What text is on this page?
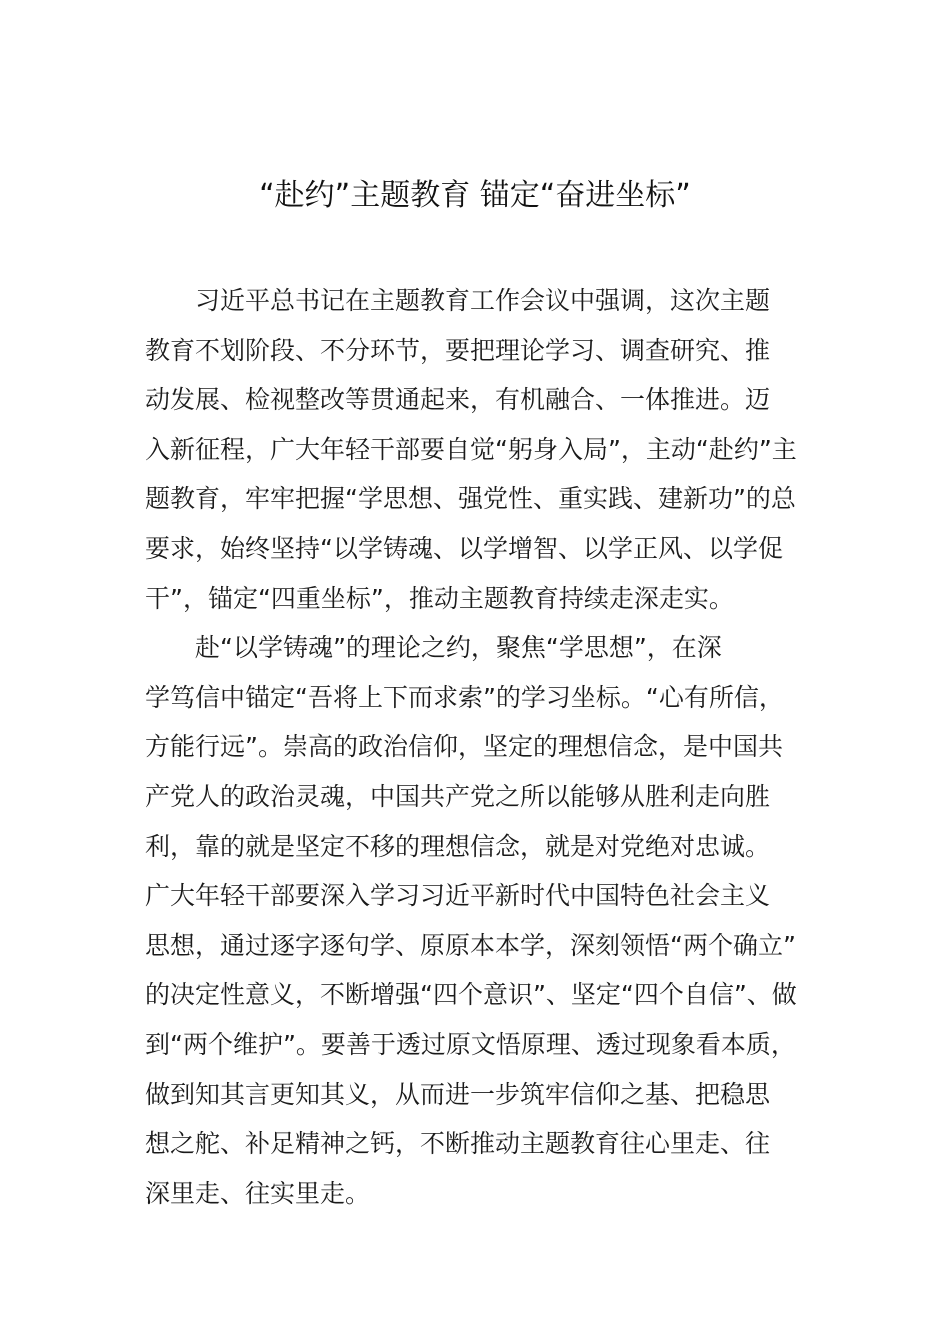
“赴约”主题教育 锚定“奋进坐标”
习近平总书记在主题教育工作会议中强调，这次主题
教育不划阶段、不分环节，要把理论学习、调查研究、推
动发展、检视整改等贯通起来，有机融合、一体推进。迈
入新征程，广大年轻干部要自觉“躬身入局”，主动“赴约”主
题教育，牢牢把握“学思想、强党性、重实践、建新功”的总
要求，始终坚持“以学铸魂、以学增智、以学正风、以学促
干”，锚定“四重坐标”，推动主题教育持续走深走实。
赴“以学铸魂”的理论之约，聚焦“学思想”，在深
学笃信中锚定“吾将上下而求索”的学习坐标。“心有所信，
方能行远”。崇高的政治信仰，坚定的理想信念，是中国共
产党人的政治灵魂，中国共产党之所以能够从胜利走向胜
利，靠的就是坚定不移的理想信念，就是对党绝对忠诚。
广大年轻干部要深入学习习近平新时代中国特色社会主义
思想，通过逐字逐句学、原原本本学，深刻领悟“两个确立”
的决定性意义，不断增强“四个意识”、坚定“四个自信”、做
到“两个维护”。要善于透过原文悟原理、透过现象看本质，
做到知其言更知其义，从而进一步筑牢信仰之基、把稳思
想之舵、补足精神之钙，不断推动主题教育往心里走、往
深里走、往实里走。
